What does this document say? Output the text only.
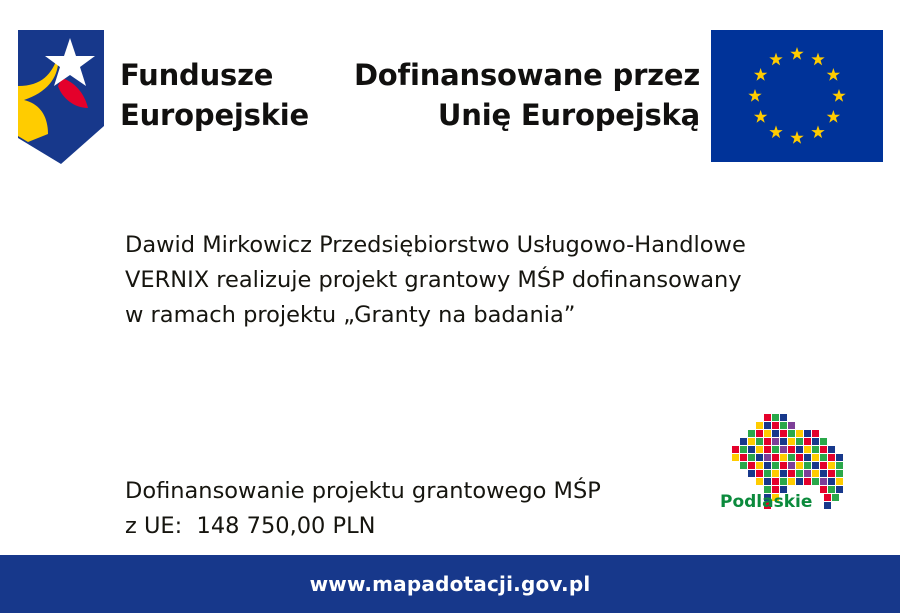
Fundusze
Europejskie
Dofinansowane przez
Unię Europejską
Dawid Mirkowicz Przedsiębiorstwo Usługowo-Handlowe VERNIX realizuje projekt grantowy MŚP dofinansowany w ramach projektu „Granty na badania”
Dofinansowanie projektu grantowego MŚP
z UE:  148 750,00 PLN
Podlaskie
www.mapadotacji.gov.pl
